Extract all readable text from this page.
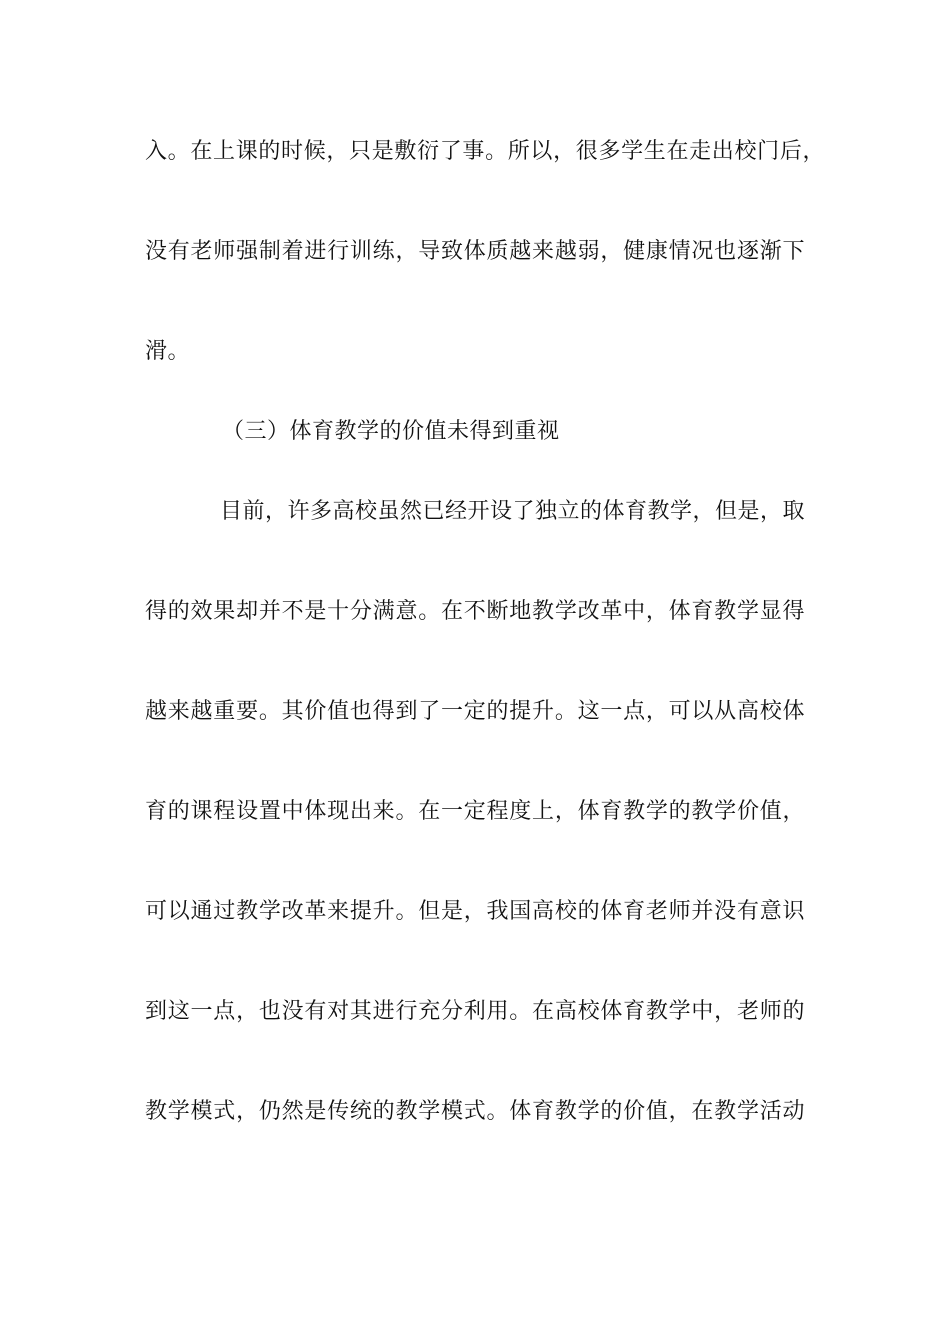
入。在上课的时候，只是敷衍了事。所以，很多学生在走出校门后，
没有老师强制着进行训练，导致体质越来越弱，健康情况也逐渐下
滑。
（三）体育教学的价值未得到重视
目前，许多高校虽然已经开设了独立的体育教学，但是，取
得的效果却并不是十分满意。在不断地教学改革中，体育教学显得
越来越重要。其价值也得到了一定的提升。这一点，可以从高校体
育的课程设置中体现出来。在一定程度上，体育教学的教学价值，
可以通过教学改革来提升。但是，我国高校的体育老师并没有意识
到这一点，也没有对其进行充分利用。在高校体育教学中，老师的
教学模式，仍然是传统的教学模式。体育教学的价值，在教学活动
